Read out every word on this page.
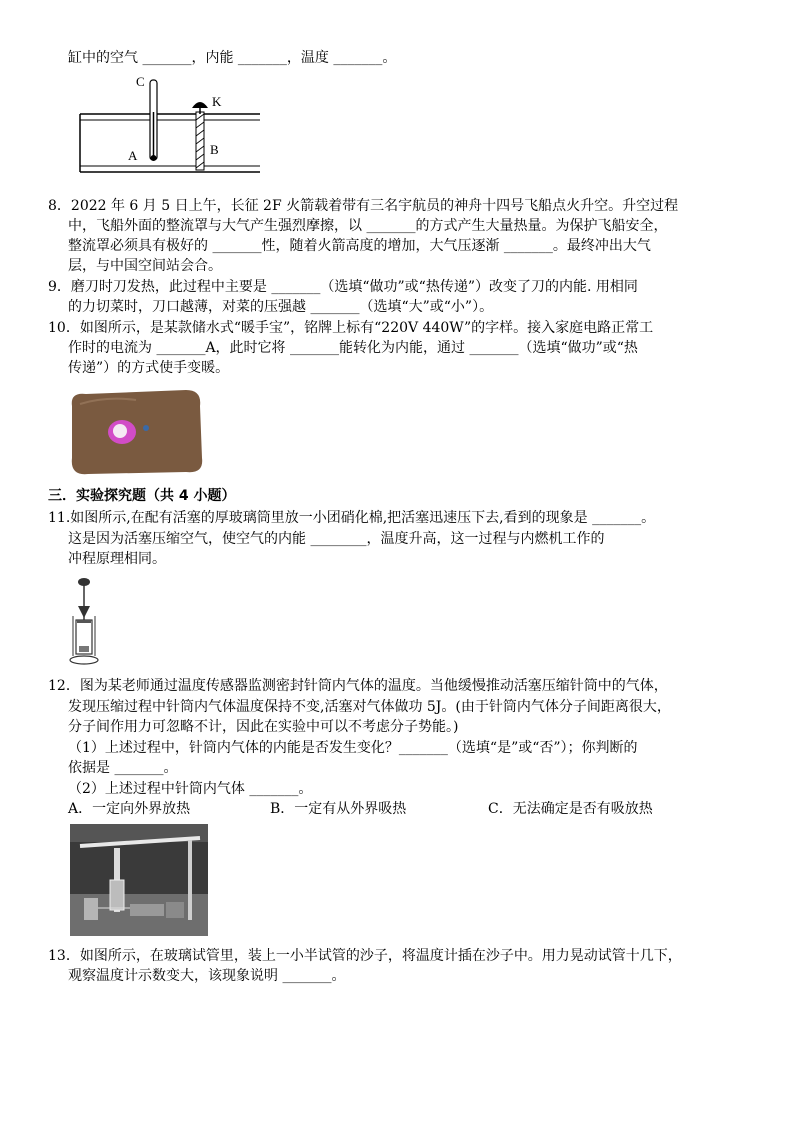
缸中的空气 _______，内能 _______，温度 _______。
C
K
A	B
8．2022 年 6 月 5 日上午，长征 2F 火箭载着带有三名宇航员的神舟十四号飞船点火升空。升空过程
中，飞船外面的整流罩与大气产生强烈摩擦，以 _______的方式产生大量热量。为保护飞船安全，
整流罩必须具有极好的 _______性，随着火箭高度的增加，大气压逐渐 _______。最终冲出大气
层，与中国空间站会合。
9．磨刀时刀发热，此过程中主要是 _______（选填“做功”或“热传递”）改变了刀的内能. 用相同
的力切菜时，刀口越薄，对菜的压强越 _______（选填“大”或“小”）。
10．如图所示，是某款储水式“暖手宝”，铭牌上标有“220V 440W”的字样。接入家庭电路正常工
作时的电流为 _______A，此时它将 _______能转化为内能，通过 _______（选填“做功”或“热
传递”）的方式使手变暖。
三．实验探究题（共 4 小题）
11.如图所示,在配有活塞的厚玻璃筒里放一小团硝化棉,把活塞迅速压下去,看到的现象是 _______。
这是因为活塞压缩空气，使空气的内能 ________，温度升高，这一过程与内燃机工作的
冲程原理相同。
12．图为某老师通过温度传感器监测密封针筒内气体的温度。当他缓慢推动活塞压缩针筒中的气体，
发现压缩过程中针筒内气体温度保持不变,活塞对气体做功 5J。(由于针筒内气体分子间距离很大，
分子间作用力可忽略不计，因此在实验中可以不考虑分子势能。)
（1）上述过程中，针筒内气体的内能是否发生变化？_______（选填“是”或“否”）；你判断的
依据是 _______。
（2）上述过程中针筒内气体 _______。
A．一定向外界放热	B．一定有从外界吸热	C．无法确定是否有吸放热
13．如图所示，在玻璃试管里，装上一小半试管的沙子，将温度计插在沙子中。用力晃动试管十几下，
观察温度计示数变大，该现象说明 _______。
